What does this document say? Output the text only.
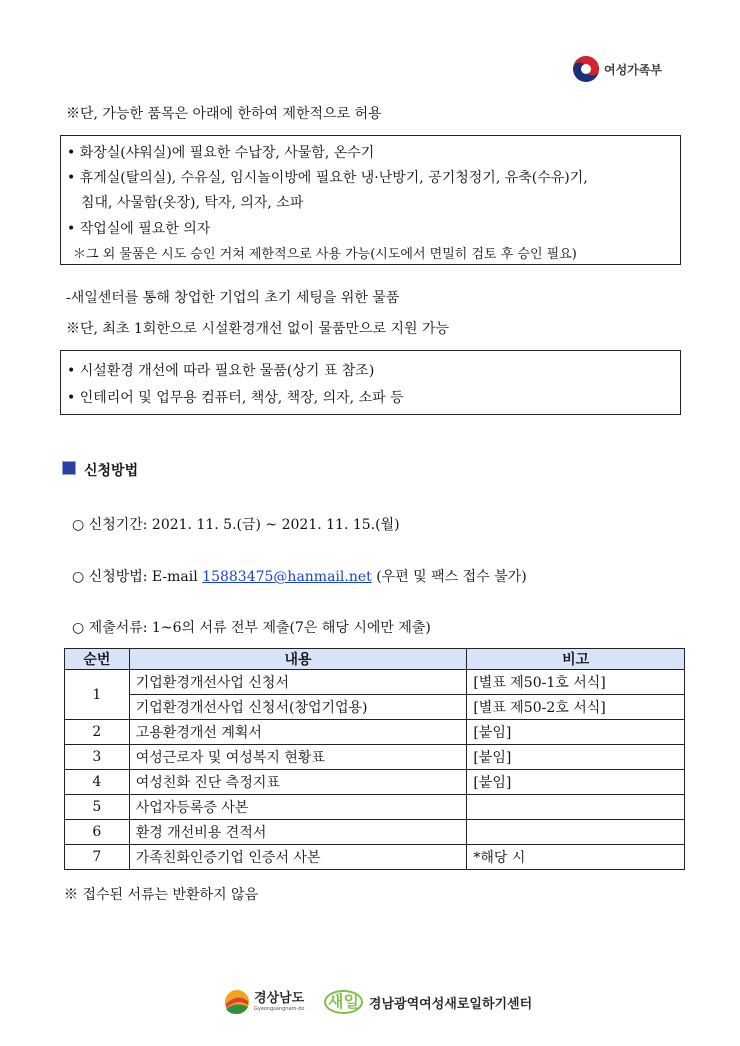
여성가족부
※단, 가능한 품목은 아래에 한하여 제한적으로 허용
• 화장실(샤워실)에 필요한 수납장, 사물함, 온수기
• 휴게실(탈의실), 수유실, 임시놀이방에 필요한 냉·난방기, 공기청정기, 유축(수유)기,
침대, 사물함(옷장), 탁자, 의자, 소파
• 작업실에 필요한 의자
＊그 외 물품은 시도 승인 거쳐 제한적으로 사용 가능(시도에서 면밀히 검토 후 승인 필요)
-새일센터를 통해 창업한 기업의 초기 세팅을 위한 물품
※단, 최초 1회한으로 시설환경개선 없이 물품만으로 지원 가능
• 시설환경 개선에 따라 필요한 물품(상기 표 참조)
• 인테리어 및 업무용 컴퓨터, 책상, 책장, 의자, 소파 등
신청방법
○ 신청기간: 2021. 11. 5.(금) ~ 2021. 11. 15.(월)
○ 신청방법: E-mail 15883475@hanmail.net (우편 및 팩스 접수 불가)
○ 제출서류: 1~6의 서류 전부 제출(7은 해당 시에만 제출)
순번	내용	비고
1	기업환경개선사업 신청서	[별표 제50-1호 서식]
	기업환경개선사업 신청서(창업기업용)	[별표 제50-2호 서식]
2	고용환경개선 계획서	[붙임]
3	여성근로자 및 여성복지 현황표	[붙임]
4	여성친화 진단 측정지표	[붙임]
5	사업자등록증 사본	
6	환경 개선비용 견적서	
7	가족친화인증기업 인증서 사본	*해당 시
※ 접수된 서류는 반환하지 않음
경상남도
Gyeongsangnam-do 새일 경남광역여성새로일하기센터
